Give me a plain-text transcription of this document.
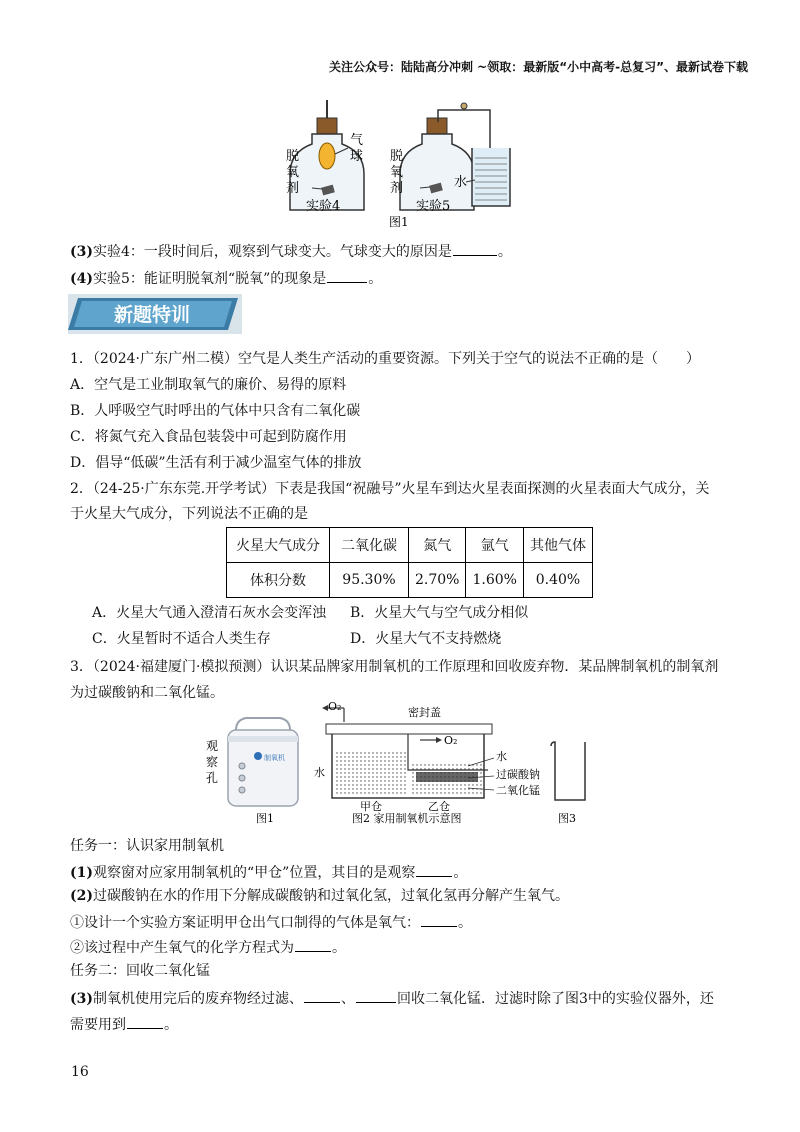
关注公众号：陆陆高分冲刺 ~领取：最新版“小中高考-总复习”、最新试卷下载
脱
氧
剂
气
球 脱
氧
剂	水
实验4	实验5
图1
(3)实验4：一段时间后，观察到气球变大。气球变大的原因是	。
(4)实验5：能证明脱氧剂“脱氧”的现象是	。
新题特训
1．（2024·广东广州二模）空气是人类生产活动的重要资源。下列关于空气的说法不正确的是（　　）
A．空气是工业制取氧气的廉价、易得的原料
B．人呼吸空气时呼出的气体中只含有二氧化碳
C．将氮气充入食品包装袋中可起到防腐作用
D．倡导“低碳”生活有利于减少温室气体的排放
2．（24-25·广东东莞.开学考试）下表是我国“祝融号”火星车到达火星表面探测的火星表面大气成分，关
于火星大气成分，下列说法不正确的是
火星大气成分	二氧化碳	氮气	氩气	其他气体
体积分数	95.30%	2.70%	1.60%	0.40%
A．火星大气通入澄清石灰水会变浑浊 B．火星大气与空气成分相似
C．火星暂时不适合人类生存	D．火星大气不支持燃烧
3．（2024·福建厦门·模拟预测）认识某品牌家用制氧机的工作原理和回收废弃物．某品牌制氧机的制氧剂
为过碳酸钠和二氧化锰。
制氧机
观
察
孔
图1
O₂
O₂
密封盖
水
水
过碳酸钠
二氧化锰
甲仓	乙仓
图2 家用制氧机示意图	图3
任务一：认识家用制氧机
(1)观察窗对应家用制氧机的“甲仓”位置，其目的是观察	。
(2)过碳酸钠在水的作用下分解成碳酸钠和过氧化氢，过氧化氢再分解产生氧气。
①设计一个实验方案证明甲仓出气口制得的气体是氧气：	。
②该过程中产生氧气的化学方程式为	。
任务二：回收二氧化锰
(3)制氧机使用完后的废弃物经过滤、	、	回收二氧化锰．过滤时除了图3中的实验仪器外，还
需要用到	。
16
